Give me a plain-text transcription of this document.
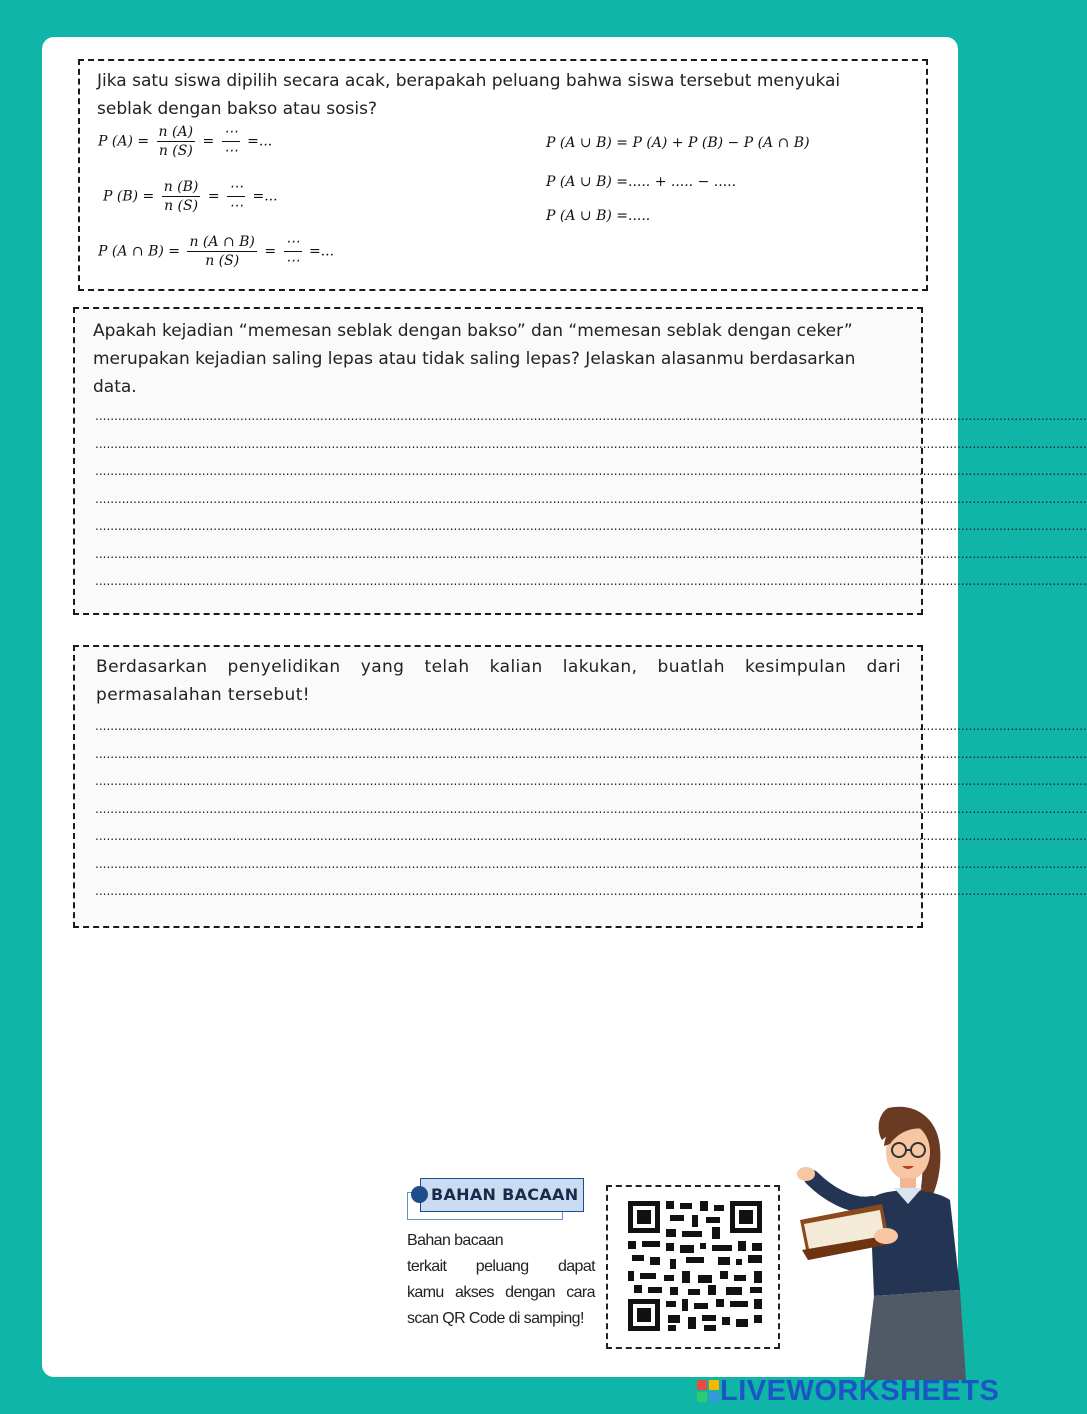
Jika satu siswa dipilih secara acak, berapakah peluang bahwa siswa tersebut menyukai seblak dengan bakso atau sosis?
P $(A) = \frac{n (A)}{n (S)} = \frac{\cdots}{\cdots}$ =...
P $(B) = \frac{n (B)}{n (S)} = \frac{\cdots}{\cdots}$ =...
P (A ∩ $B) = \frac{n (A \cap B)}{n (S)} = \frac{\cdots}{\cdots}$ =...
P (A ∪ B) = P (A) + P (B) − P (A ∩ B)
P (A ∪ B) =..... + ..... − .....
P (A ∪ B) =.....
Apakah kejadian “memesan seblak dengan bakso” dan “memesan seblak dengan ceker” merupakan kejadian saling lepas atau tidak saling lepas? Jelaskan alasanmu berdasarkan data.
....................................................................................................................................................................................................................................................................
....................................................................................................................................................................................................................................................................
....................................................................................................................................................................................................................................................................
....................................................................................................................................................................................................................................................................
....................................................................................................................................................................................................................................................................
....................................................................................................................................................................................................................................................................
....................................................................................................................................................................................................................................................................
Berdasarkan penyelidikan yang telah kalian lakukan, buatlah kesimpulan dari permasalahan tersebut!
....................................................................................................................................................................................................................................................................
....................................................................................................................................................................................................................................................................
....................................................................................................................................................................................................................................................................
....................................................................................................................................................................................................................................................................
....................................................................................................................................................................................................................................................................
....................................................................................................................................................................................................................................................................
....................................................................................................................................................................................................................................................................
BAHAN BACAAN
Bahan bacaan
terkait peluang dapat
kamu akses dengan cara
scan QR Code di samping!
LIVEWORKSHEETS
